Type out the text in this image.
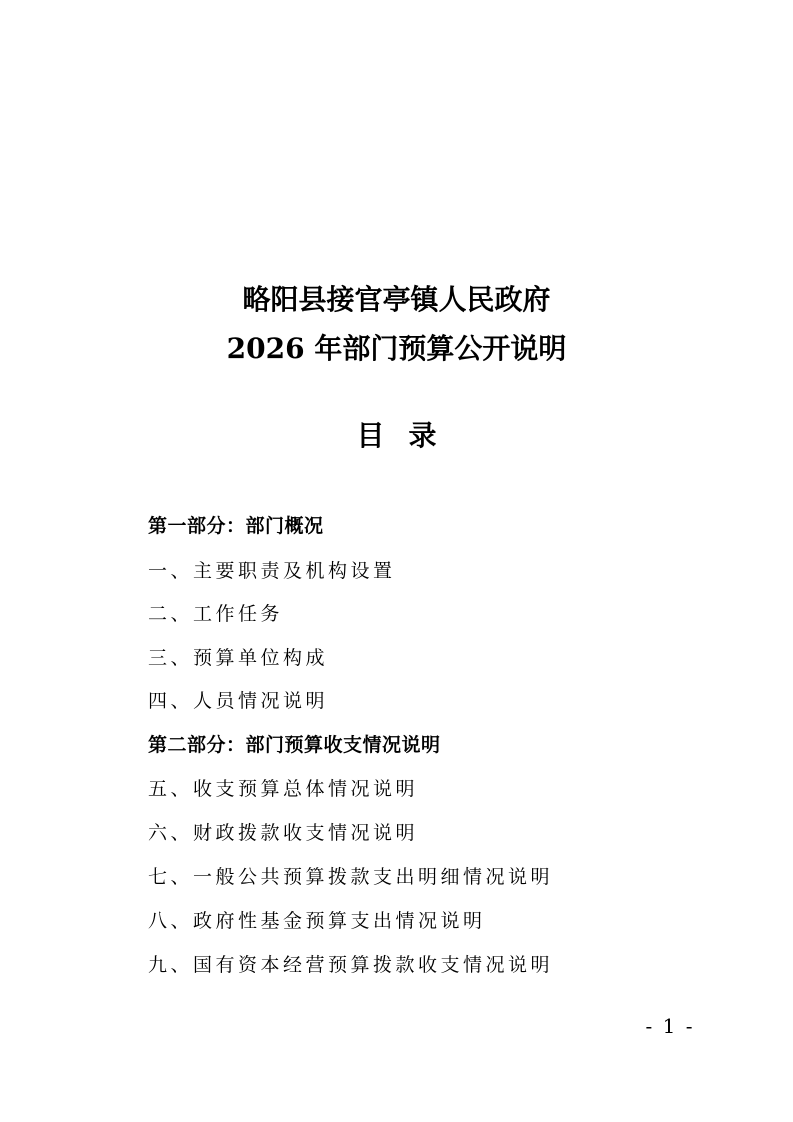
略阳县接官亭镇人民政府
2026 年部门预算公开说明
目录
第一部分：部门概况
一、主要职责及机构设置
二、工作任务
三、预算单位构成
四、人员情况说明
第二部分：部门预算收支情况说明
五、收支预算总体情况说明
六、财政拨款收支情况说明
七、一般公共预算拨款支出明细情况说明
八、政府性基金预算支出情况说明
九、国有资本经营预算拨款收支情况说明
- 1 -
